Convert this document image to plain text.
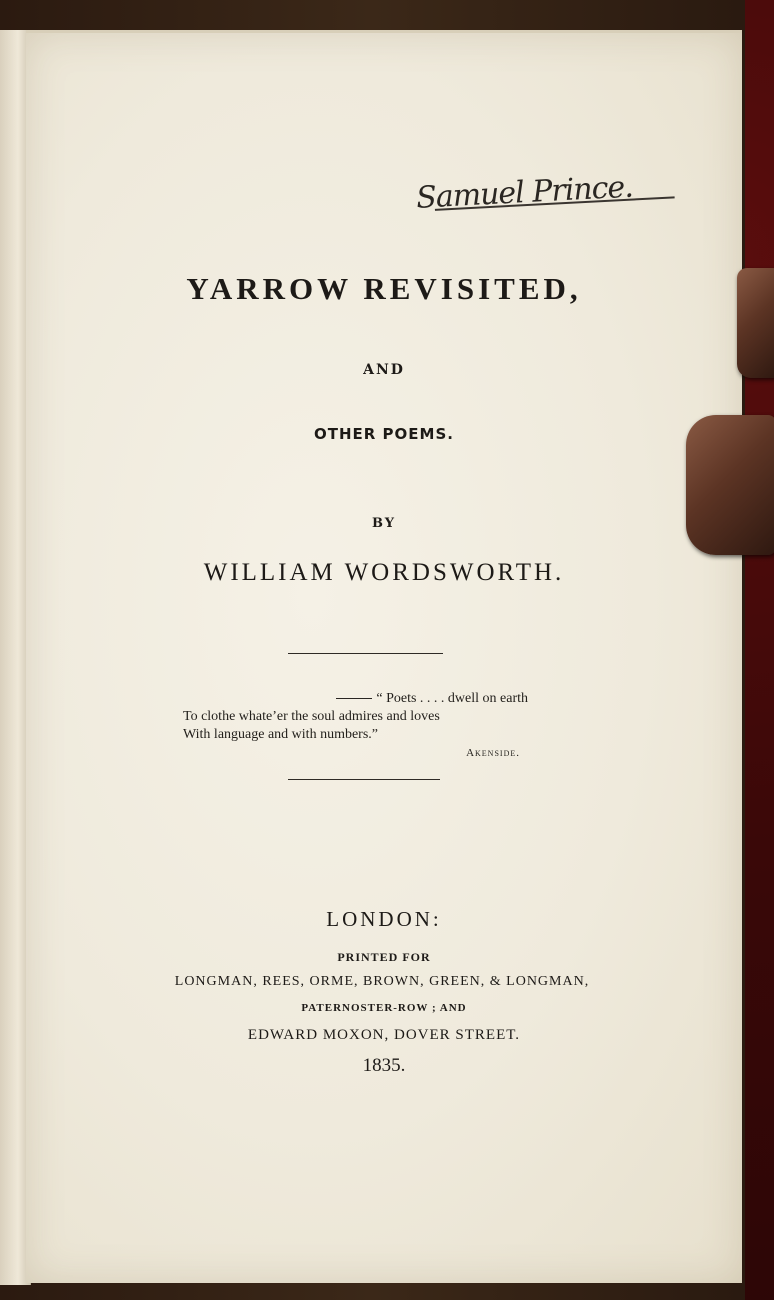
Samuel Prince.
YARROW REVISITED,
AND
OTHER POEMS.
BY
WILLIAM WORDSWORTH.
“ Poets . . . . dwell on earth
To clothe whate’er the soul admires and loves
With language and with numbers.”
Akenside.
LONDON:
PRINTED FOR
LONGMAN, REES, ORME, BROWN, GREEN, & LONGMAN,
PATERNOSTER-ROW ; AND
EDWARD MOXON, DOVER STREET.
1835.
